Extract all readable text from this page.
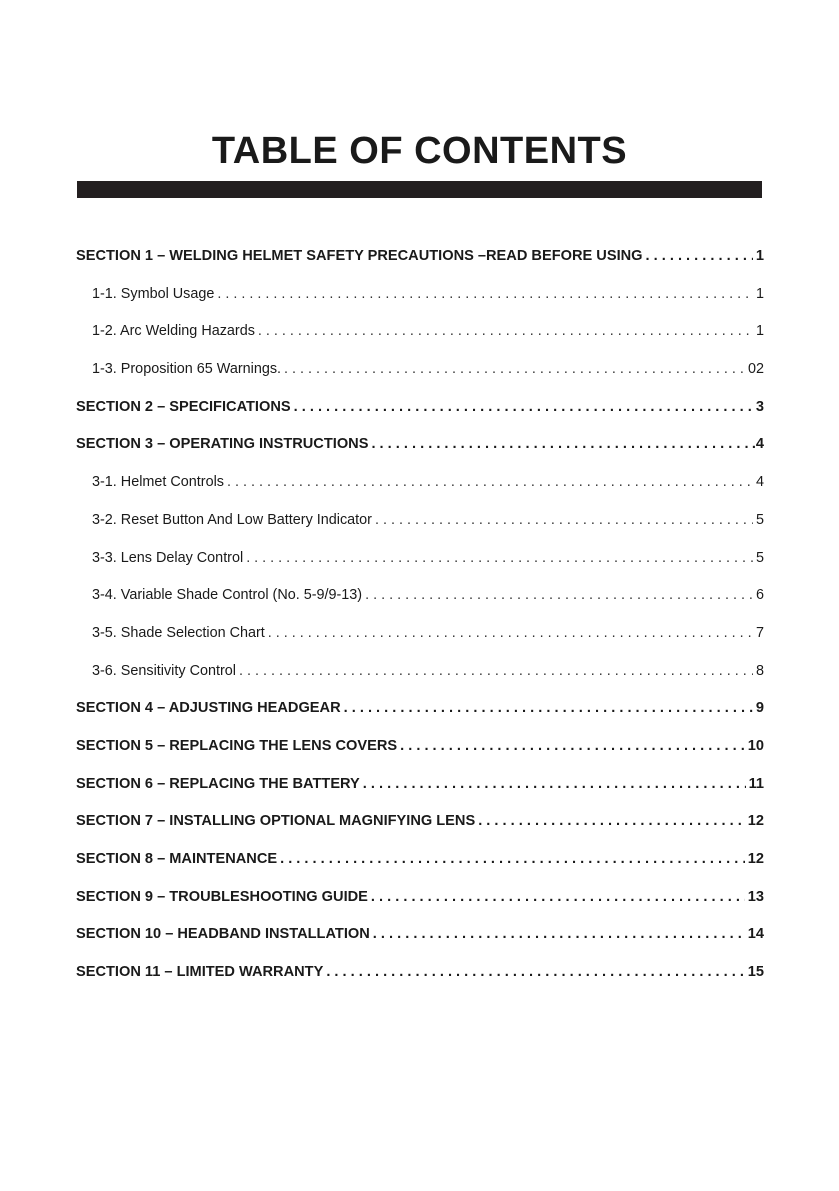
TABLE OF CONTENTS
SECTION 1 – WELDING HELMET SAFETY PRECAUTIONS –READ BEFORE USING . . .	1
1-1. Symbol Usage . . .	1
1-2. Arc Welding Hazards . . .	1
1-3. Proposition 65 Warnings. . . .	02
SECTION 2 – SPECIFICATIONS . . .	3
SECTION 3 – OPERATING INSTRUCTIONS . . .	.4
3-1. Helmet Controls . . .	4
3-2. Reset Button And Low Battery Indicator . . .	5
3-3. Lens Delay Control . . .	5
3-4. Variable Shade Control (No. 5-9/9-13) . . .	6
3-5. Shade Selection Chart . . .	7
3-6. Sensitivity Control . . .	8
SECTION 4 – ADJUSTING HEADGEAR . . .	9
SECTION 5 – REPLACING THE LENS COVERS . . .	10
SECTION 6 – REPLACING THE BATTERY . . .	11
SECTION 7 – INSTALLING OPTIONAL MAGNIFYING LENS . . .	12
SECTION 8 – MAINTENANCE . . .	12
SECTION 9 – TROUBLESHOOTING GUIDE . . .	13
SECTION 10 – HEADBAND INSTALLATION . . .	14
SECTION 11 – LIMITED WARRANTY . . .	15
